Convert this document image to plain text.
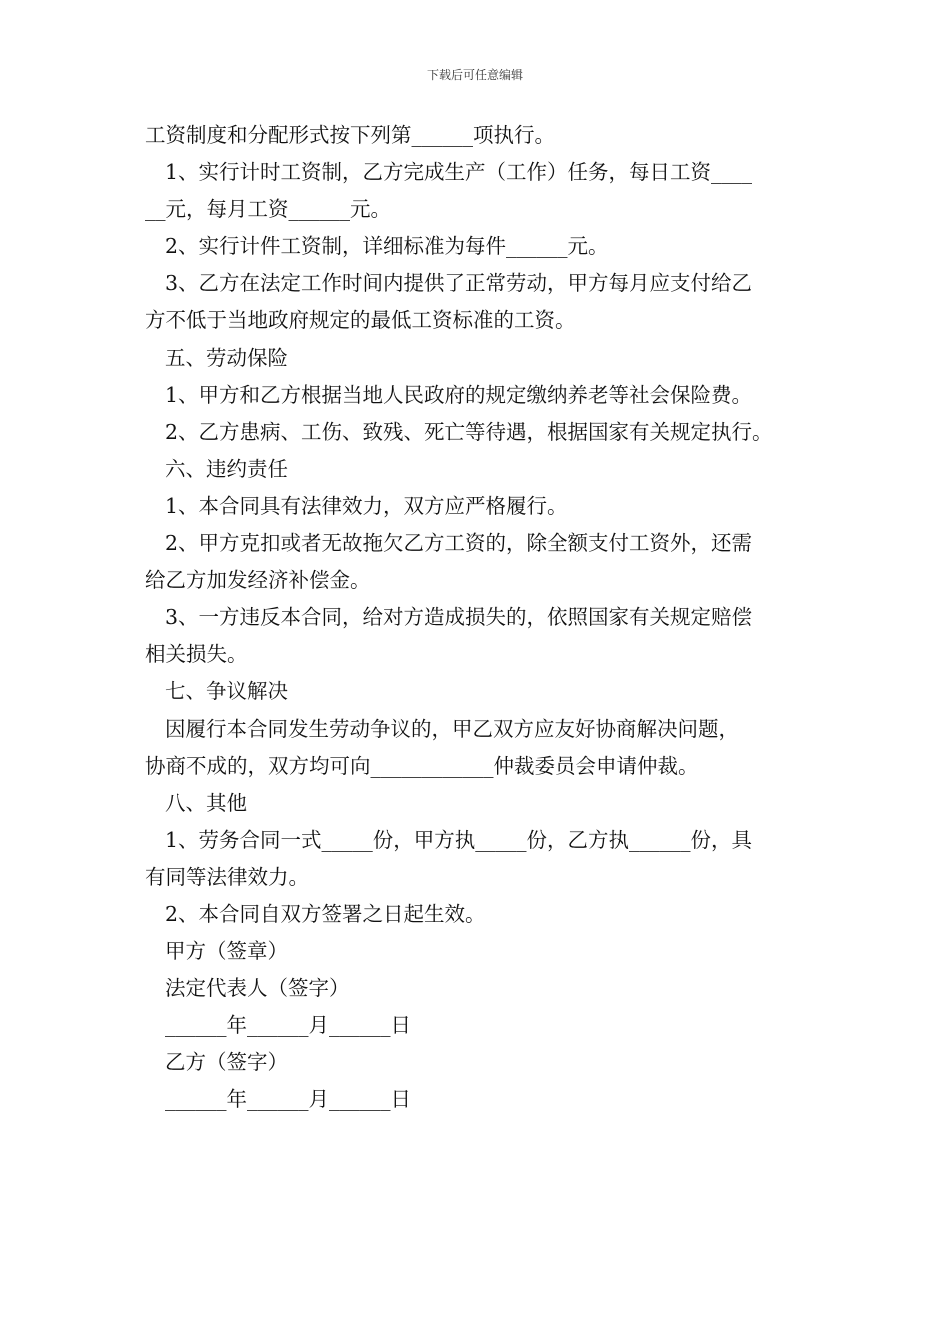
下载后可任意编辑
工资制度和分配形式按下列第______项执行。
1、实行计时工资制，乙方完成生产（工作）任务，每日工资____
__元，每月工资______元。
2、实行计件工资制，详细标准为每件______元。
3、乙方在法定工作时间内提供了正常劳动，甲方每月应支付给乙
方不低于当地政府规定的最低工资标准的工资。
五、劳动保险
1、甲方和乙方根据当地人民政府的规定缴纳养老等社会保险费。
2、乙方患病、工伤、致残、死亡等待遇，根据国家有关规定执行。
六、违约责任
1、本合同具有法律效力，双方应严格履行。
2、甲方克扣或者无故拖欠乙方工资的，除全额支付工资外，还需
给乙方加发经济补偿金。
3、一方违反本合同，给对方造成损失的，依照国家有关规定赔偿
相关损失。
七、争议解决
因履行本合同发生劳动争议的，甲乙双方应友好协商解决问题，
协商不成的，双方均可向____________仲裁委员会申请仲裁。
八、其他
1、劳务合同一式_____份，甲方执_____份，乙方执______份，具
有同等法律效力。
2、本合同自双方签署之日起生效。
甲方（签章）
法定代表人（签字）
______年______月______日
乙方（签字）
______年______月______日
